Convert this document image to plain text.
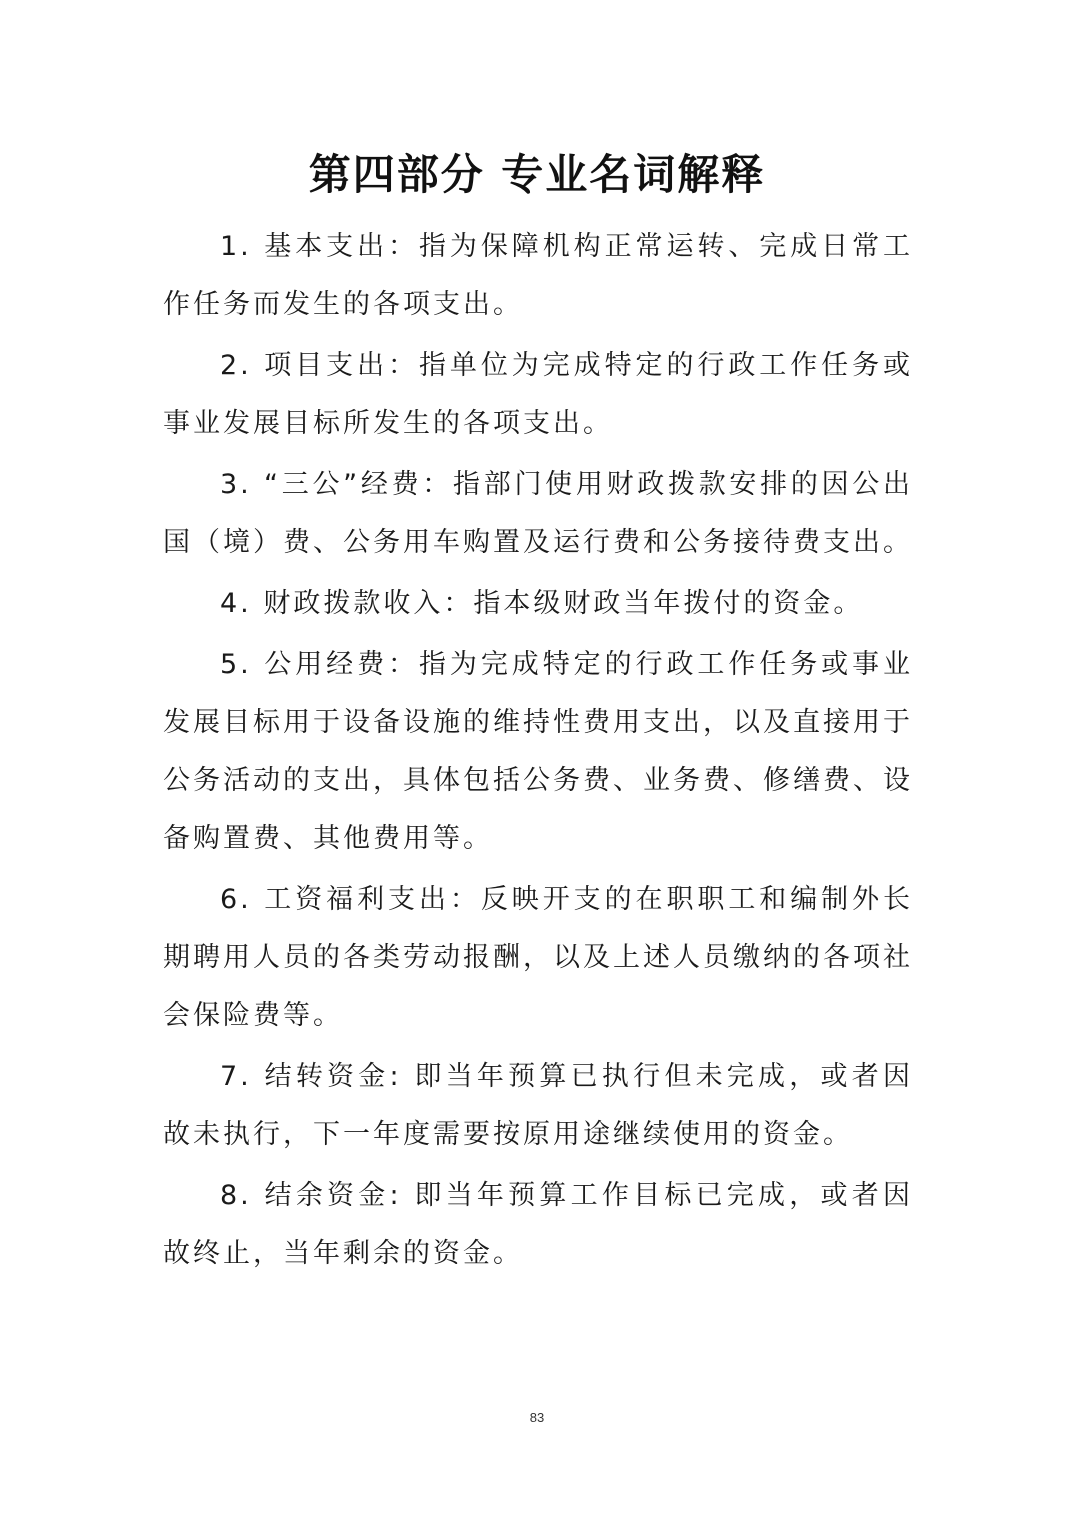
第四部分 专业名词解释

1. 基本支出：指为保障机构正常运转、完成日常工作任务而发生的各项支出。

2. 项目支出：指单位为完成特定的行政工作任务或事业发展目标所发生的各项支出。

3. “三公”经费：指部门使用财政拨款安排的因公出国（境）费、公务用车购置及运行费和公务接待费支出。

4. 财政拨款收入：指本级财政当年拨付的资金。

5. 公用经费：指为完成特定的行政工作任务或事业发展目标用于设备设施的维持性费用支出，以及直接用于公务活动的支出，具体包括公务费、业务费、修缮费、设备购置费、其他费用等。

6. 工资福利支出：反映开支的在职职工和编制外长期聘用人员的各类劳动报酬，以及上述人员缴纳的各项社会保险费等。

7. 结转资金: 即当年预算已执行但未完成，或者因故未执行，下一年度需要按原用途继续使用的资金。

8. 结余资金: 即当年预算工作目标已完成，或者因故终止，当年剩余的资金。

83
